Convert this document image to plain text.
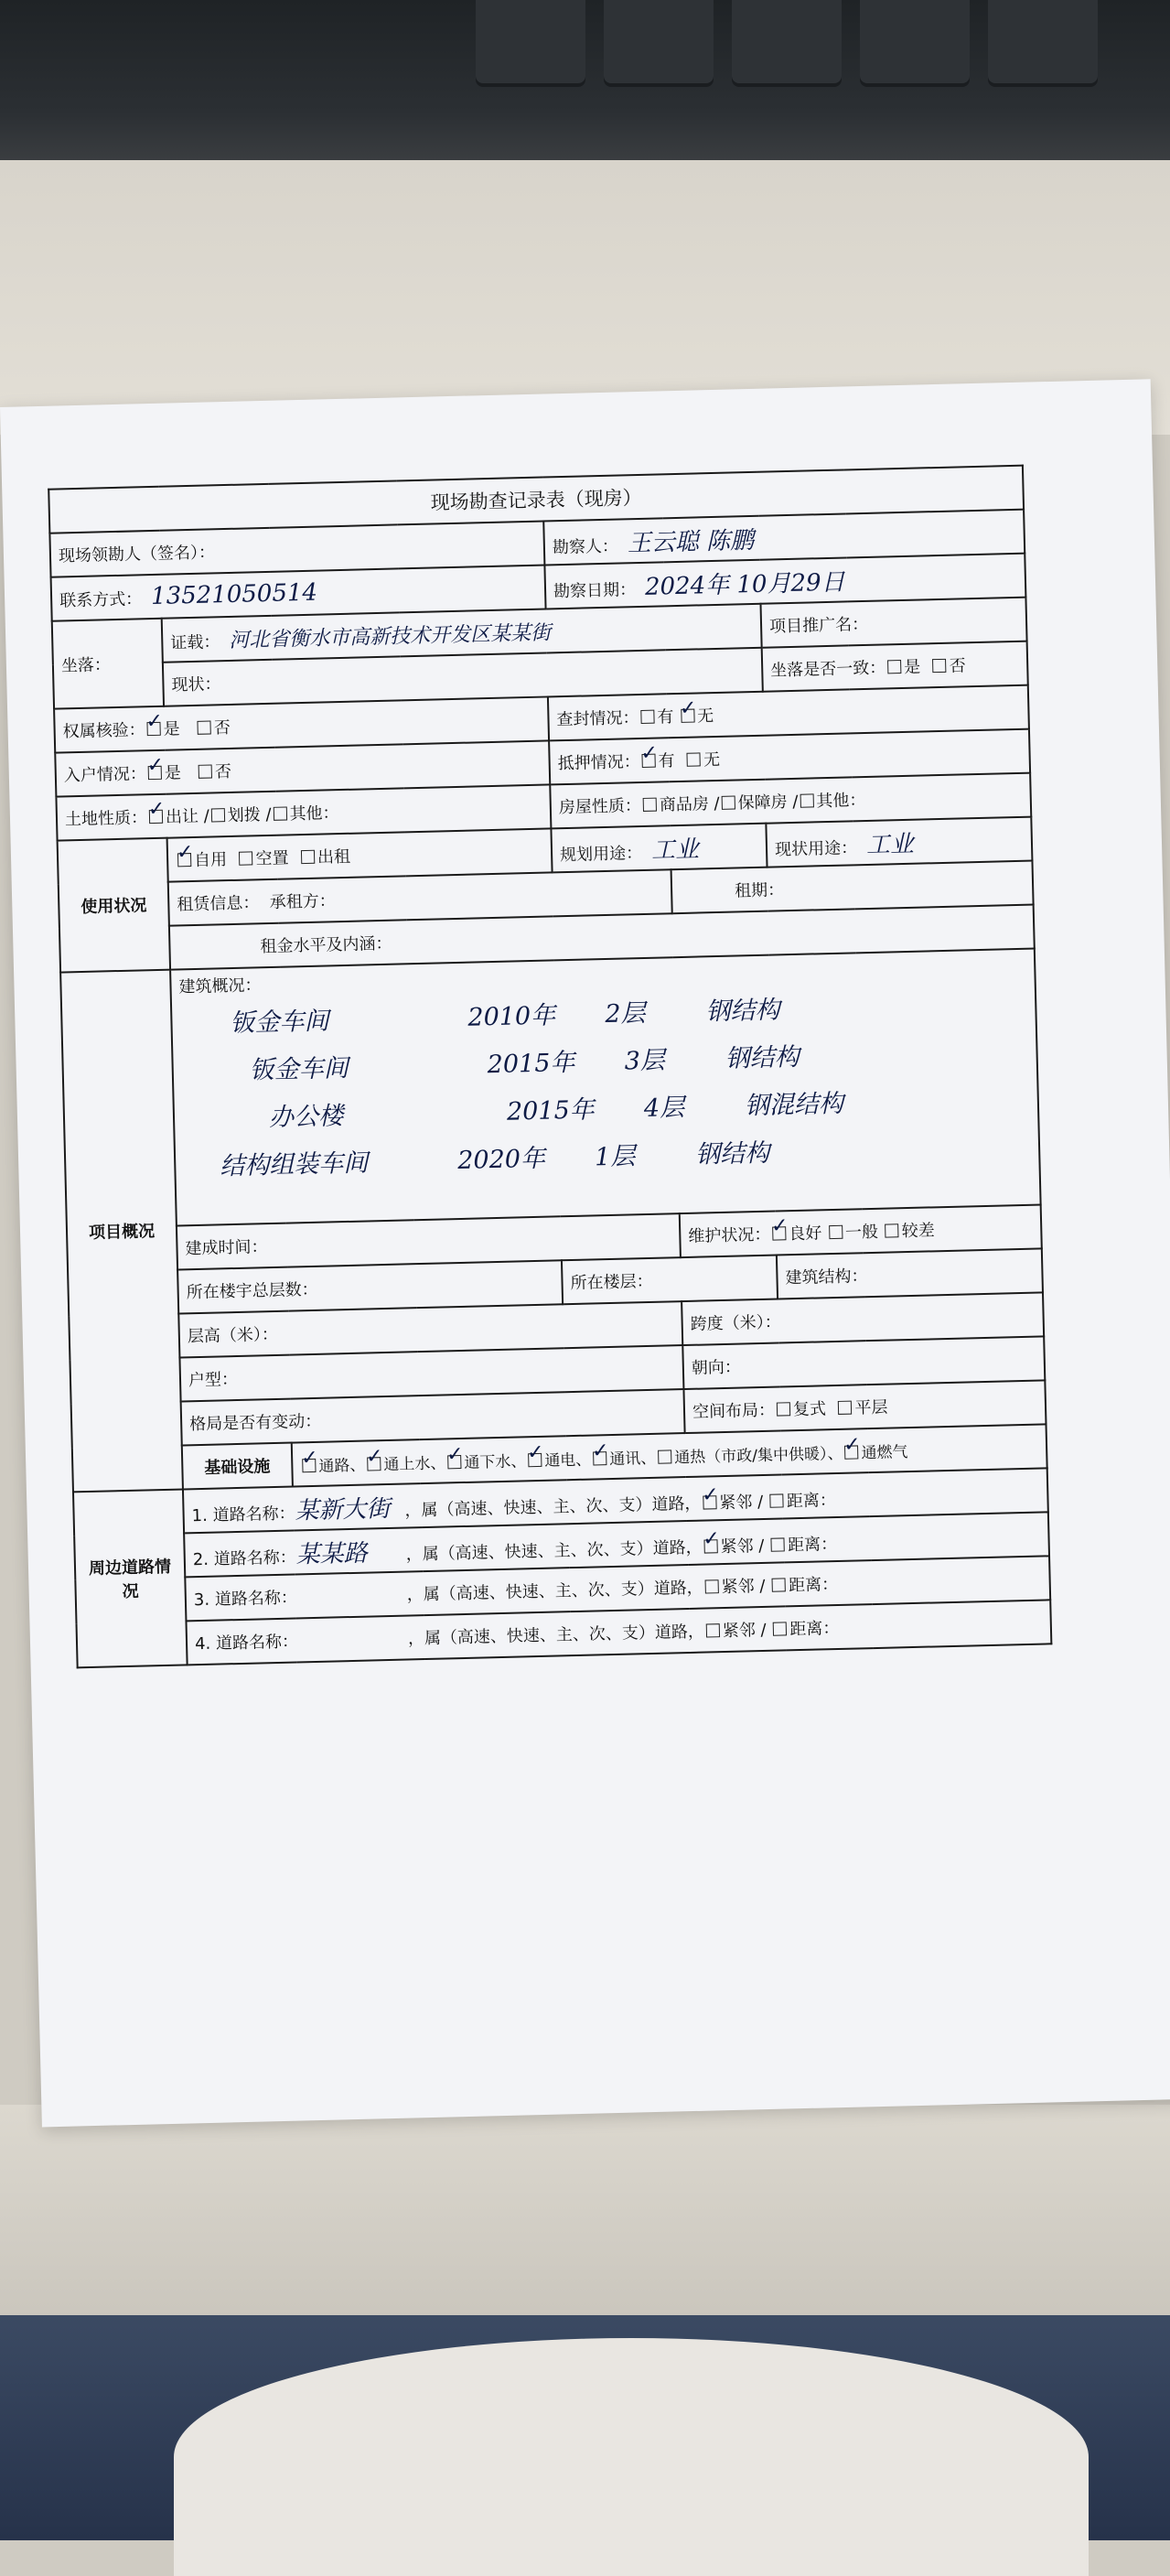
现场勘查记录表（现房）					
现场领勘人（签名）：			勘察人： 王云聪 陈鹏		
联系方式： 13521050514			勘察日期： 2024年 10月29日		
坐落：	证载： 河北省衡水市高新技术开发区某某街				项目推广名：
	现状：				坐落是否一致： 是 否
权属核验： ✓ 是 否			查封情况： 有 ✓ 无
入户情况： ✓ 是 否			抵押情况： ✓ 有 无
土地性质： ✓ 出让 / 划拨 / 其他：			房屋性质： 商品房 / 保障房 / 其他：		
使用状况	✓自用 空置 出租		规划用途： 工业		现状用途： 工业
	租赁信息： 承租方：			租期：	
	租金水平及内涵：				
项目概况	建筑概况：
钣金车间 2010年 2层 钢结构
钣金车间 2015年 3层 钢结构
办公楼 2015年 4层 钢混结构
结构组装车间 2020年 1层 钢结构				

	建成时间：			维护状况： ✓ 良好 一般 较差
	所在楼宇总层数：		所在楼层：		建筑结构：
	层高（米）：			跨度（米）：	
	户型：			朝向：	
	格局是否有变动：			空间布局： 复式 平层	
	基础设施	✓通路、 ✓ 通上水、 ✓ 通下水、 ✓ 通电、 ✓ 通讯、 通热（市政/集中供暖）、 ✓ 通燃气
周边道路情况	1. 道路名称：某新大街 ，属（高速、快速、主、次、支）道路， ✓ 紧邻 / 距离：
	2. 道路名称：某某路 ，属（高速、快速、主、次、支）道路， ✓ 紧邻 / 距离：
	3. 道路名称： ，属（高速、快速、主、次、支）道路， 紧邻 / 距离：				
	4. 道路名称： ，属（高速、快速、主、次、支）道路， 紧邻 / 距离：				
